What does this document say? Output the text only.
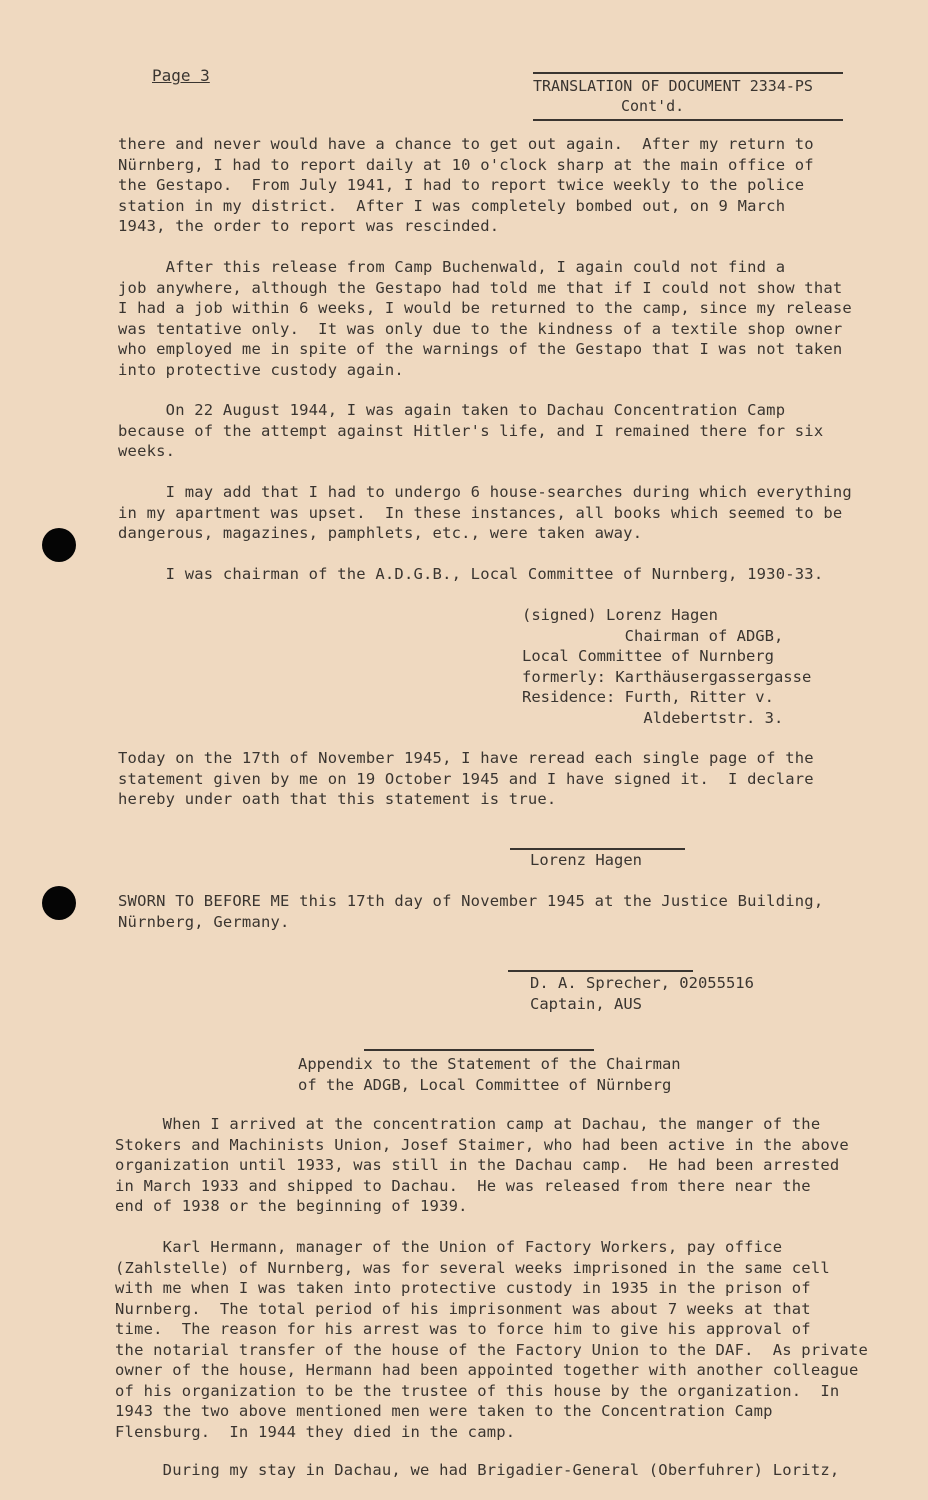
Page 3
TRANSLATION OF DOCUMENT 2334-PS
Cont'd.
there and never would have a chance to get out again.  After my return to
Nürnberg, I had to report daily at 10 o'clock sharp at the main office of
the Gestapo.  From July 1941, I had to report twice weekly to the police
station in my district.  After I was completely bombed out, on 9 March
1943, the order to report was rescinded.
After this release from Camp Buchenwald, I again could not find a
job anywhere, although the Gestapo had told me that if I could not show that
I had a job within 6 weeks, I would be returned to the camp, since my release
was tentative only.  It was only due to the kindness of a textile shop owner
who employed me in spite of the warnings of the Gestapo that I was not taken
into protective custody again.
On 22 August 1944, I was again taken to Dachau Concentration Camp
because of the attempt against Hitler's life, and I remained there for six
weeks.
I may add that I had to undergo 6 house-searches during which everything
in my apartment was upset.  In these instances, all books which seemed to be
dangerous, magazines, pamphlets, etc., were taken away.
I was chairman of the A.D.G.B., Local Committee of Nurnberg, 1930-33.
(signed) Lorenz Hagen
Chairman of ADGB,
Local Committee of Nurnberg
formerly: Karthäusergassergasse
Residence: Furth, Ritter v.
Aldebertstr. 3.
Today on the 17th of November 1945, I have reread each single page of the
statement given by me on 19 October 1945 and I have signed it.  I declare
hereby under oath that this statement is true.
Lorenz Hagen
SWORN TO BEFORE ME this 17th day of November 1945 at the Justice Building,
Nürnberg, Germany.
D. A. Sprecher, 02055516
Captain, AUS
Appendix to the Statement of the Chairman
of the ADGB, Local Committee of Nürnberg
When I arrived at the concentration camp at Dachau, the manger of the
Stokers and Machinists Union, Josef Staimer, who had been active in the above
organization until 1933, was still in the Dachau camp.  He had been arrested
in March 1933 and shipped to Dachau.  He was released from there near the
end of 1938 or the beginning of 1939.
Karl Hermann, manager of the Union of Factory Workers, pay office
(Zahlstelle) of Nurnberg, was for several weeks imprisoned in the same cell
with me when I was taken into protective custody in 1935 in the prison of
Nurnberg.  The total period of his imprisonment was about 7 weeks at that
time.  The reason for his arrest was to force him to give his approval of
the notarial transfer of the house of the Factory Union to the DAF.  As private
owner of the house, Hermann had been appointed together with another colleague
of his organization to be the trustee of this house by the organization.  In
1943 the two above mentioned men were taken to the Concentration Camp
Flensburg.  In 1944 they died in the camp.
During my stay in Dachau, we had Brigadier-General (Oberfuhrer) Loritz,
